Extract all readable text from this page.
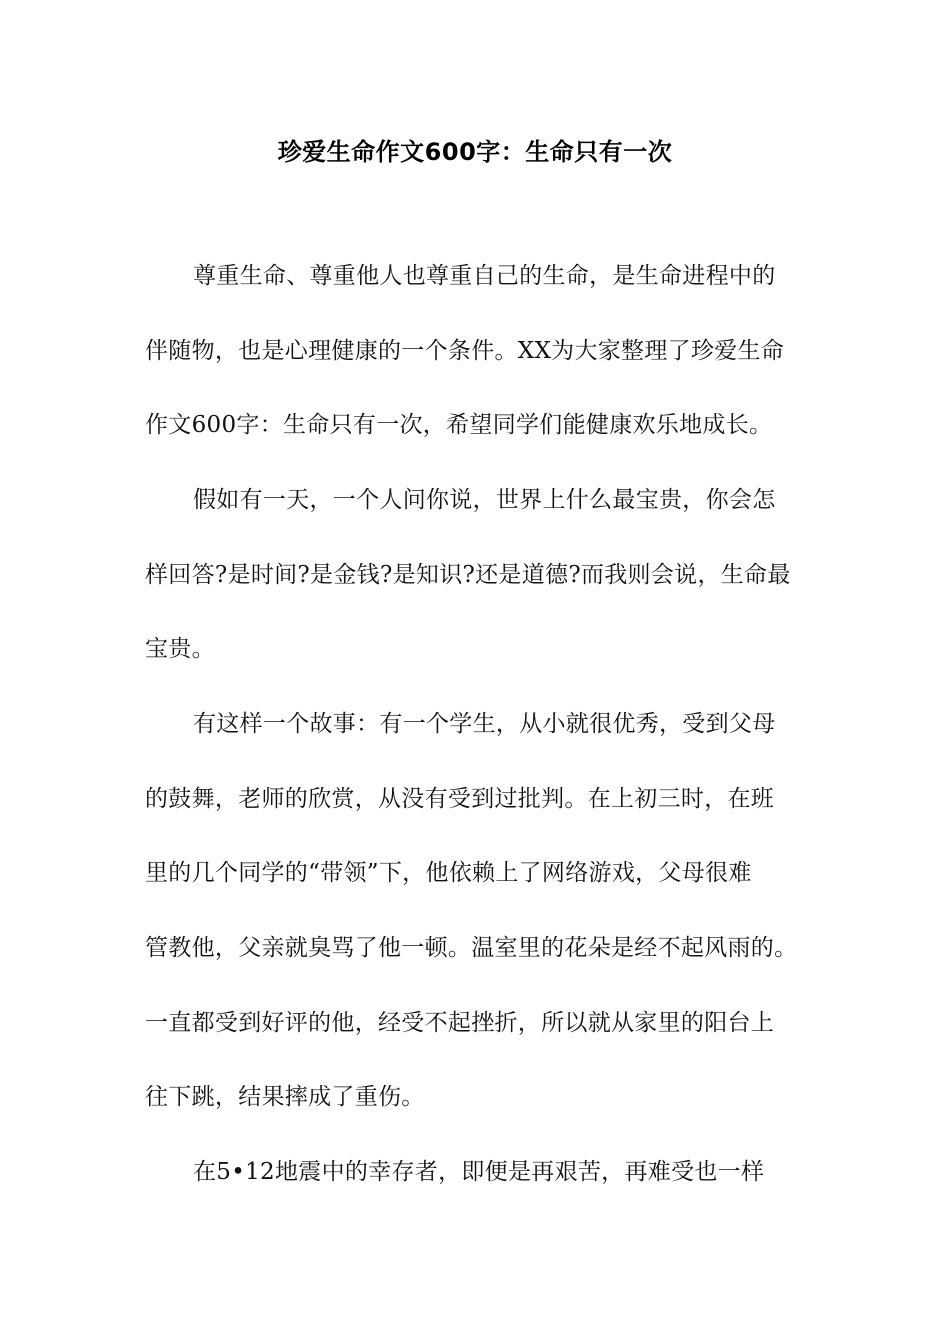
珍爱生命作文600字：生命只有一次
尊重生命、尊重他人也尊重自己的生命，是生命进程中的
伴随物，也是心理健康的一个条件。XX为大家整理了珍爱生命
作文600字：生命只有一次，希望同学们能健康欢乐地成长。
假如有一天，一个人问你说，世界上什么最宝贵，你会怎
样回答?是时间?是金钱?是知识?还是道德?而我则会说，生命最
宝贵。
有这样一个故事：有一个学生，从小就很优秀，受到父母
的鼓舞，老师的欣赏，从没有受到过批判。在上初三时，在班
里的几个同学的“带领”下，他依赖上了网络游戏，父母很难
管教他，父亲就臭骂了他一顿。温室里的花朵是经不起风雨的。
一直都受到好评的他，经受不起挫折，所以就从家里的阳台上
往下跳，结果摔成了重伤。
在5•12地震中的幸存者，即便是再艰苦，再难受也一样
